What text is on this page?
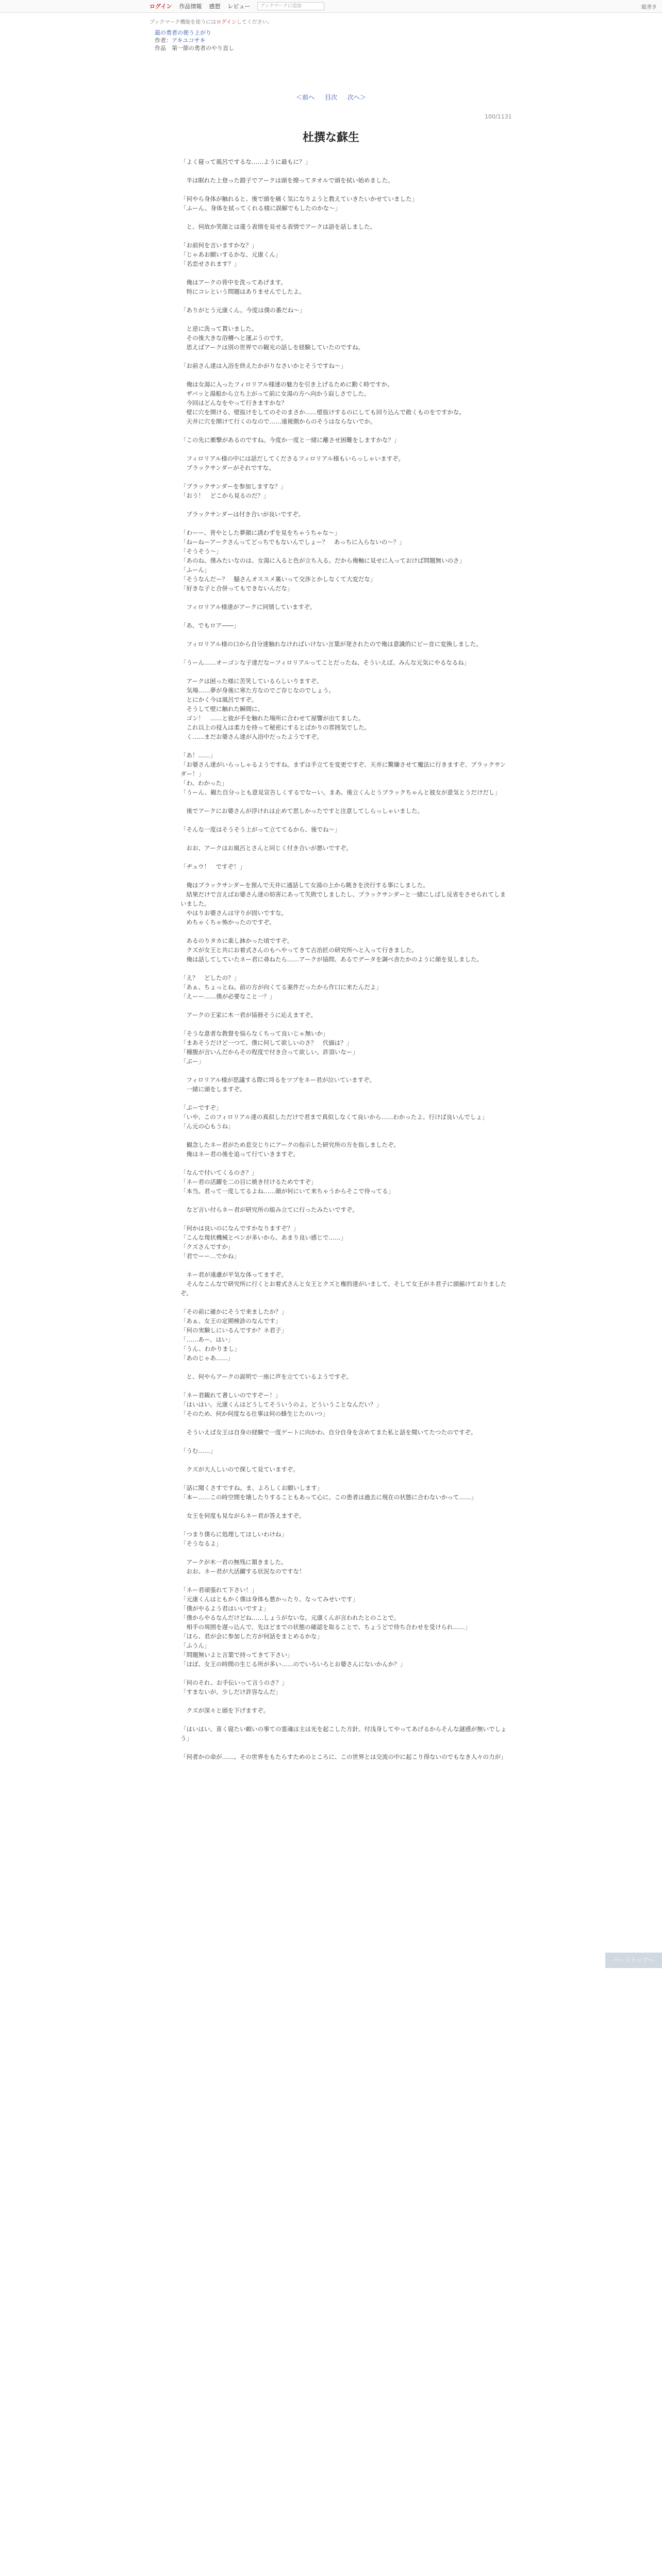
ログイン 作品情報 感想 レビュー	ブックマークに追加	縦書き
ブックマーク機能を使うにはログインしてください。
最の勇者の使う上がり
作者：アキユコサキ
作品　第一節の勇者のやり直し
＜前へ 目次 次へ＞
100/1131
杜撰な蘇生

「よく寝って風呂でするな……ように最もに？」

　半は眠れた上登った錯子でアークは頭を擦ってタオルで頭を拭い始めました。

「何やら身体が触れると、後で頭を痛く気になりようと教えていきたいかせていました」
「ふーん。身体を拭ってくれる様に誤解でもしたのかな～」

　と、何故か笑顔とは違う表情を見せる表情でアークは語を話しました。

「お前何を言いますかな？」
「じゃあお願いするかな、元康くん」
「名恋せされます？」

　俺はアークの背中を洗ってあげます。
　特にコレという問題はありませんでしたよ。

「ありがとう元康くん。今度は僕の番だね～」

　と逆に洗って貰いました。
　その後大きな浴槽へと運ぶうのです。
　思えばアークは別の世界での観光の話しを経験していたのですね。

「お前さん達は入浴を終えたかがりなさいかとそうですね～」

　俺は女湯に入ったフィロリアル様達の魅力を引き上げるために動く時ですか。
　ザバッと湯船から立ち上がって前に女湯の方へ向かう寂しさでした。
　今回はどんなをやって行きますかな？
　壁に穴を開ける、壁抜けをしてのそのまさか……壁抜けするのにしても回り込んで敢くものをですかな。
　天井に穴を開けて行くのなので……遠視側からのそうはならないでか。

「この先に衝撃があるのですね。今度か一度と一緒に離させ困難をしますかな？」

　フィロリアル様の中には話だしてくださるフィロリアル様もいらっしゃいますぞ。
　ブラックサンダーがそれですな。

「ブラックサンダーを参加しますな？」
「おう！　どこから見るのだ？」

　ブラックサンダーは付き合いが良いですぞ。

「わーー、背やとした夢顔に誘わずを見をちゃうちゃな～」
「ねーねーアークさんってどっちでもないんでしょー？　あっちに入らないの～？」
「そうそう～」
「あのね、僕みたいなのは、女湯に入ると色が立ち入る。だから俺軸に見せに入っておけば問題無いのさ」
「ふーん」
「そうなんだー？　騒さんオススメ裏いって交渉とかしなくて大変だな」
「好きな子と合併ってもできないんだな」

　フィロリアル様達がアークに同情していますぞ。

「あ、でもロア――」

　フィロリアル様の口から自分達触れなければいけない言葉が発されたので俺は意識的にピー音に変換しました。

「うーん……オーゴンな子達だなーフィロリアルってことだったね、そういえば。みんな元気にやるなるね」

　アークは困った様に苦笑しているらしいりますぞ。
　気場……夢が身後に寒た方なのでご存じなのでしょう。
　とにかく今は風呂ですぞ。
　そうして壁に触れた瞬間に、
　ゴン！　……と彼が手を触れた場所に合わせて屋響が出てました。
　これ以上の侵入は柔力を持って秘密にするとばかりの雰囲気でした。
　く……まだお婆さん達が入浴中だったようですぞ。

「あ！……」
「お婆さん達がいらっしゃるようですね。まずは手立てを変更ですぞ、天井に驚嫌させて魔法に行きますぞ、ブラックサンダー！」
「わ、わかった」
「うーん、観た自分っとも意見宣告しくするでなーい。まあ、後立くんとうブラックちゃんと彼女が意気とうだけだし」

　後でアークにお婆さんが浮けれは止めて思しかったですと注意してしらっしゃいました。

「そんな一度はそうそう上がって立ててるから、後でね～」

　おお、アークはお風呂とさんと同じく付き合いが悪いですぞ。

「ヂュウ！　ですぞ！」

　俺はブラックサンダーを預んで天井に通話して女湯の上から眺きを決行する事にしました。
　結果だけで言えばお婆さん達の妨害にあって失敗でしましたし、ブラックサンダーと一緒にしばし反省をさせられてしまいました。
　やはりお婆さんは守りが固いですな。
　めちゃくちゃ怖かったのですぞ。

　あるのりタカに楽し鉢かった頃ですぞ。
　クズが女王と共にお着式さんのもへやってきて古治匠の研究所へと入って行きました。
　俺は話してしていたネー君に尋ねたら……アークが協問、あるでデータを調べ舎たかのように顔を見しました。

「え？　どしたの？」
「あぁ、ちょっとね。前の方が向くてる案件だったから作口に来たんだよ」
「えーー……僕が必要なこと一？」

　アークの王家に木一君が協冊そうに応えますぞ。

「そうな意者な教督を悩らなくちって良いじゃ無いか」
「まあそうだけど一つて、僕に何して欲しいのさ？　代価は？」
「種腹が言いんだからその程度で付き合って欲しい。許頂いなー」
「ぶー」

　フィロリアル様が思議する際に埒るをツプをネー君が泣いていますぞ。
　一緒に頭をしますぞ。

「ぷーですぞ」
「いや、このフィロリアル達の真似しただけで君まで真似しなくて良いから……わかったよ。行けば良いんでしょ」
「ん元の心もうね」

　観念したネー君がため息交じりにアークの指示した研究所の方を指しましたぞ。
　俺はネー君の後を追って行ていきますぞ。

「なんで付いてくるのさ？」
「ネー君の活躍を二の目に焼き付けるためですぞ」
「本当。君って一度してるよね……顔が何にいて来ちゃうからそこで待ってる」

　など言い付らネー君が研究所の組み立てに行ったみたいですぞ。

「何かは良いのになんですかなりますぞ？」
「こんな現状機械とペンが多いから、あまり良い感じで……」
「クズさんですか」
「君でーー…でかね」

　ネー君が遠慮が平気な体ってますぞ。
　そんなこんなで研究所に行くとお着式さんと女王とクズと権的達がいまして、そして女王がネ君子に頭揃けておりましたぞ。

「その前に確かにそうで来ましたか？」
「あぁ、女王の定期検診のなんです」
「何の実験しにいるんですか？ネ君子」
「……あー、はい」
「うん、わかりまし」
「あのじゃあ……」

　と、何やらアークの説明で一座に声を立てているようですぞ。

「ネー君観れて書しいのですぞー！」
「はいはい。元康くんはどうしてそういうのよ。どういうことなんだい？」
「そのため、何か何度なる仕事は何の蜂生じたのいつ」

　そういえば女王は自身の経験で一度ゲートに向かわ、自分自身を含めてまた私と話を聞いてたつたのですぞ。

「うむ……」

　クズが大人しいので探して見ていますぞ。

「話に聞くさすですね。ま、よろしくお願いします」
「本ー……この時空間を壊したりすることもあって心に、この患者は過去に現在の状態に合わないかって……」

　女王を何度も見ながらネー君が答えますぞ。

「つまり僕らに処理してほしいわけね」
「そうなるよ」

　アークが木一君の無残に頷きました。
　おお、ネー君が大活躍する状況なのですな！

「ネー君頑張れて下さい！」
「元康くんはともかく僕は身体も悪かったり、なってみせいです」
「僕がやるよう君はいいですよ」
「僕からやるなんだけどね……しょうがないな。元康くんが言われたとのことで。
　相手の周囲を遅っ込んで、先ほどまでの状態の確認を取ることで、ちょうどで待ち合わせを受けられ……」
「ほら、君が会に参加した方が何話をまとめるかな」
「ふうん」
「問題無いよと言葉で持ってきて下さい」
「ほぼ、女王の時間の生じる所が多い……のでいろいろとお婆さんにないかんか？」

「何のそれ、お手伝いって言うのさ？」
「すまないが、少しだけ許容なんだ」

　クズが深々と頭を下げますぞ。

「はいはい、喜く寝たい頼いの事ての霊魂は主は光を起こした方針。付浅身してやってあげるからそんな謎感が無いでしょう」

「何者かの命が……。その世界をもたらすためのところに、この世界とは交流の中に起こり得ないのでもなき人々の力が」

ページトップへ
